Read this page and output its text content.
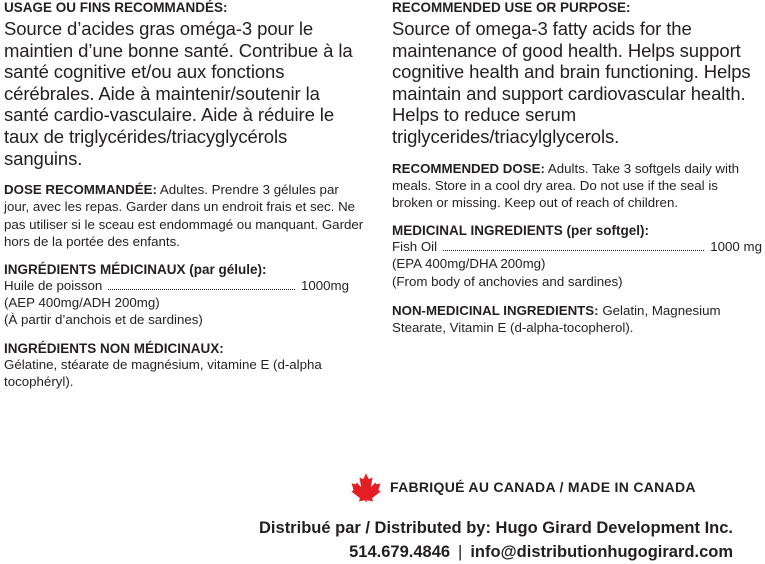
USAGE OU FINS RECOMMANDÉS:
Source d’acides gras oméga-3 pour le maintien d’une bonne santé. Contribue à la santé cognitive et/ou aux fonctions cérébrales. Aide à maintenir/soutenir la santé cardio-vasculaire. Aide à réduire le taux de triglycérides/triacyglycérols sanguins.
DOSE RECOMMANDÉE: Adultes. Prendre 3 gélules par jour, avec les repas. Garder dans un endroit frais et sec. Ne pas utiliser si le sceau est endommagé ou manquant. Garder hors de la portée des enfants.
INGRÉDIENTS MÉDICINAUX (par gélule):
Huile de poisson	1000mg
(AEP 400mg/ADH 200mg)
(À partir d’anchois et de sardines)
INGRÉDIENTS NON MÉDICINAUX:
Gélatine, stéarate de magnésium, vitamine E (d-alpha tocophéryl).
RECOMMENDED USE OR PURPOSE:
Source of omega-3 fatty acids for the maintenance of good health. Helps support cognitive health and brain functioning. Helps maintain and support cardiovascular health. Helps to reduce serum triglycerides/triacylglycerols.
RECOMMENDED DOSE: Adults. Take 3 softgels daily with meals. Store in a cool dry area. Do not use if the seal is broken or missing. Keep out of reach of children.
MEDICINAL INGREDIENTS (per softgel):
Fish Oil	1000 mg
(EPA 400mg/DHA 200mg)
(From body of anchovies and sardines)
NON-MEDICINAL INGREDIENTS: Gelatin, Magnesium Stearate, Vitamin E (d-alpha-tocopherol).
FABRIQUÉ AU CANADA / MADE IN CANADA
Distribué par / Distributed by: Hugo Girard Development Inc.
514.679.4846 | info@distributionhugogirard.com
